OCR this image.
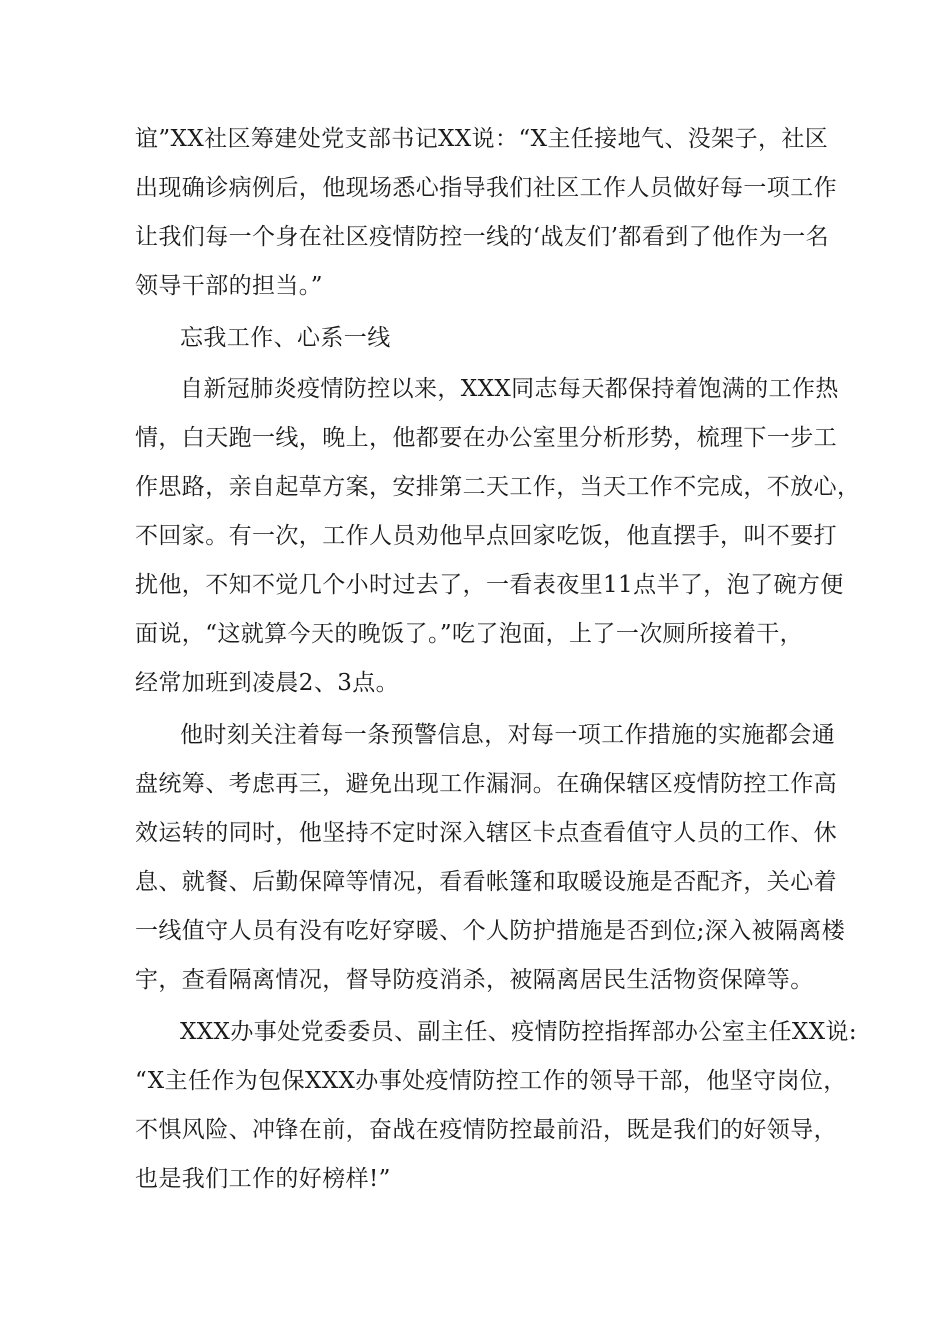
谊”XX社区筹建处党支部书记XX说：“X主任接地气、没架子，社区
出现确诊病例后，他现场悉心指导我们社区工作人员做好每一项工作
让我们每一个身在社区疫情防控一线的‘战友们’都看到了他作为一名
领导干部的担当。”
忘我工作、心系一线
自新冠肺炎疫情防控以来，XXX同志每天都保持着饱满的工作热
情，白天跑一线，晚上，他都要在办公室里分析形势，梳理下一步工
作思路，亲自起草方案，安排第二天工作，当天工作不完成，不放心，
不回家。有一次，工作人员劝他早点回家吃饭，他直摆手，叫不要打
扰他，不知不觉几个小时过去了，一看表夜里11点半了，泡了碗方便
面说，“这就算今天的晚饭了。”吃了泡面，上了一次厕所接着干，
经常加班到凌晨2、3点。
他时刻关注着每一条预警信息，对每一项工作措施的实施都会通
盘统筹、考虑再三，避免出现工作漏洞。在确保辖区疫情防控工作高
效运转的同时，他坚持不定时深入辖区卡点查看值守人员的工作、休
息、就餐、后勤保障等情况，看看帐篷和取暖设施是否配齐，关心着
一线值守人员有没有吃好穿暖、个人防护措施是否到位;深入被隔离楼
宇，查看隔离情况，督导防疫消杀，被隔离居民生活物资保障等。
XXX办事处党委委员、副主任、疫情防控指挥部办公室主任XX说:
“X主任作为包保XXX办事处疫情防控工作的领导干部，他坚守岗位，
不惧风险、冲锋在前，奋战在疫情防控最前沿，既是我们的好领导，
也是我们工作的好榜样!”
